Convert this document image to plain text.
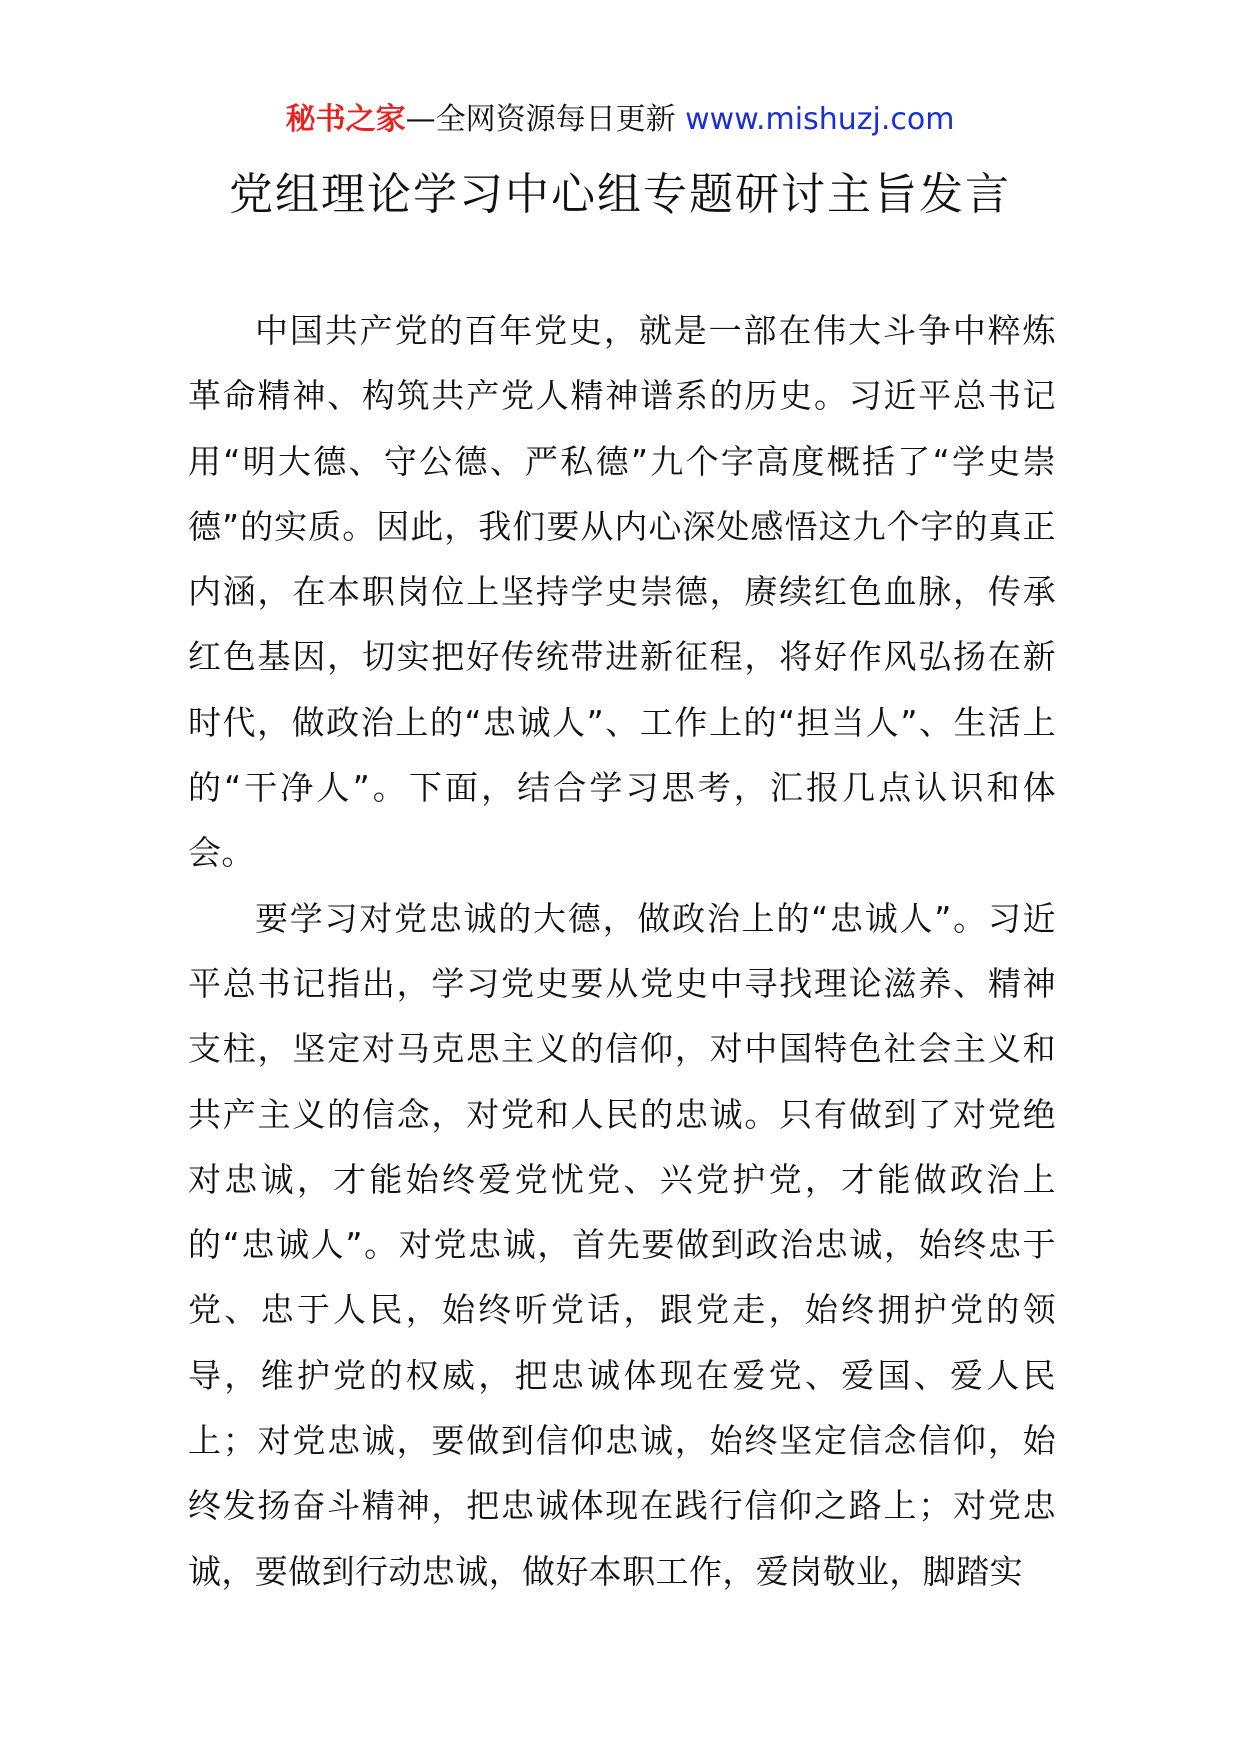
秘书之家—全网资源每日更新 www.mishuzj.com
党组理论学习中心组专题研讨主旨发言

中国共产党的百年党史，就是一部在伟大斗争中粹炼革命精神、构筑共产党人精神谱系的历史。习近平总书记用“明大德、守公德、严私德”九个字高度概括了“学史崇德”的实质。因此，我们要从内心深处感悟这九个字的真正内涵，在本职岗位上坚持学史崇德，赓续红色血脉，传承红色基因，切实把好传统带进新征程，将好作风弘扬在新时代，做政治上的“忠诚人”、工作上的“担当人”、生活上的“干净人”。下面，结合学习思考，汇报几点认识和体会。

要学习对党忠诚的大德，做政治上的“忠诚人”。习近平总书记指出，学习党史要从党史中寻找理论滋养、精神支柱，坚定对马克思主义的信仰，对中国特色社会主义和共产主义的信念，对党和人民的忠诚。只有做到了对党绝对忠诚，才能始终爱党忧党、兴党护党，才能做政治上的“忠诚人”。对党忠诚，首先要做到政治忠诚，始终忠于党、忠于人民，始终听党话，跟党走，始终拥护党的领导，维护党的权威，把忠诚体现在爱党、爱国、爱人民上；对党忠诚，要做到信仰忠诚，始终坚定信念信仰，始终发扬奋斗精神，把忠诚体现在践行信仰之路上；对党忠诚，要做到行动忠诚，做好本职工作，爱岗敬业，脚踏实
